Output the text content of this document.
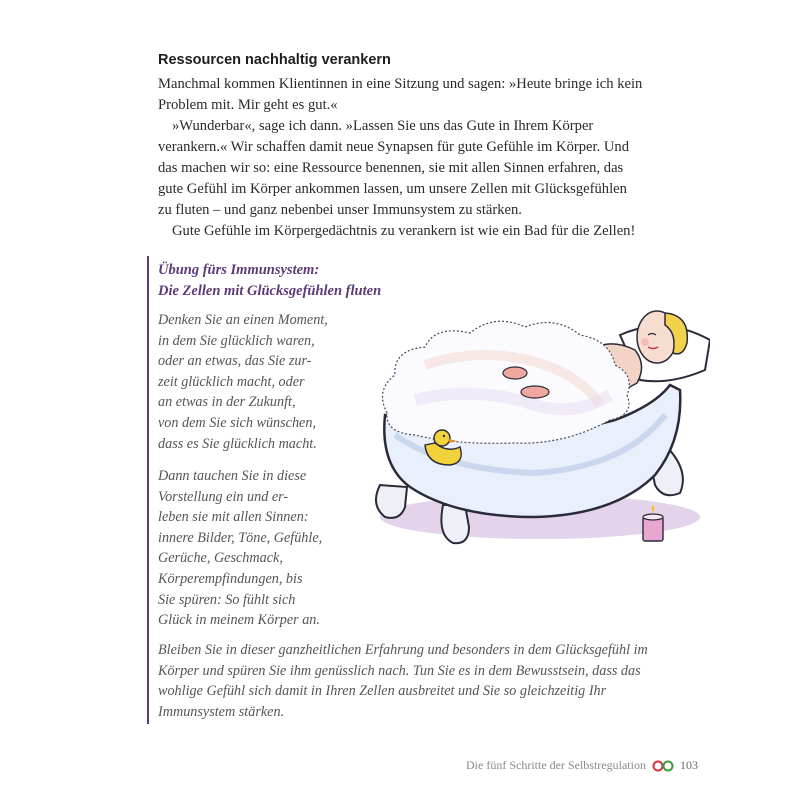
Ressourcen nachhaltig verankern

Manchmal kommen Klientinnen in eine Sitzung und sagen: »Heute bringe ich kein Problem mit. Mir geht es gut.«

»Wunderbar«, sage ich dann. »Lassen Sie uns das Gute in Ihrem Körper verankern.« Wir schaffen damit neue Synapsen für gute Gefühle im Körper. Und das machen wir so: eine Ressource benennen, sie mit allen Sinnen erfahren, das gute Gefühl im Körper ankommen lassen, um unsere Zellen mit Glücksgefühlen zu fluten – und ganz nebenbei unser Immunsystem zu stärken.

Gute Gefühle im Körpergedächtnis zu verankern ist wie ein Bad für die Zellen!

Übung fürs Immunsystem:
Die Zellen mit Glücksgefühlen fluten
Denken Sie an einen Moment,
in dem Sie glücklich waren,
oder an etwas, das Sie zur-
zeit glücklich macht, oder
an etwas in der Zukunft,
von dem Sie sich wünschen,
dass es Sie glücklich macht.
Dann tauchen Sie in diese
Vorstellung ein und er-
leben sie mit allen Sinnen:
innere Bilder, Töne, Gefühle,
Gerüche, Geschmack,
Körperempfindungen, bis
Sie spüren: So fühlt sich
Glück in meinem Körper an.
Bleiben Sie in dieser ganzheitlichen Erfahrung und besonders in dem Glücksgefühl im Körper und spüren Sie ihm genüsslich nach. Tun Sie es in dem Bewusstsein, dass das wohlige Gefühl sich damit in Ihren Zellen ausbreitet und Sie so gleichzeitig Ihr Immunsystem stärken.
Die fünf Schritte der Selbstregulation	103
